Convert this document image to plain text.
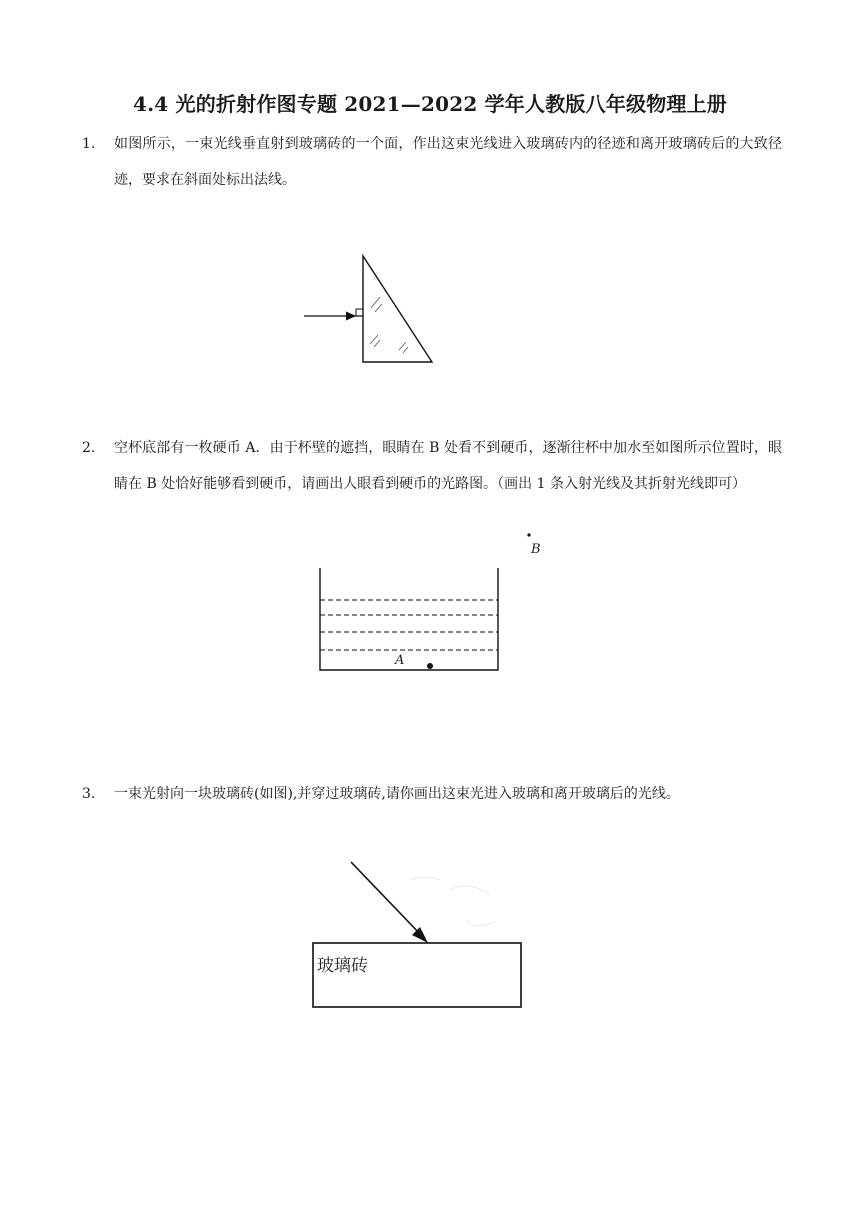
4.4 光的折射作图专题 2021—2022 学年人教版八年级物理上册
1. 如图所示，一束光线垂直射到玻璃砖的一个面，作出这束光线进入玻璃砖内的径迹和离开玻璃砖后的大致径迹，要求在斜面处标出法线。
2. 空杯底部有一枚硬币 A．由于杯壁的遮挡，眼睛在 B 处看不到硬币，逐渐往杯中加水至如图所示位置时，眼睛在 B 处恰好能够看到硬币，请画出人眼看到硬币的光路图。（画出 1 条入射光线及其折射光线即可）
A
B
3. 一束光射向一块玻璃砖(如图),并穿过玻璃砖,请你画出这束光进入玻璃和离开玻璃后的光线。
玻璃砖
